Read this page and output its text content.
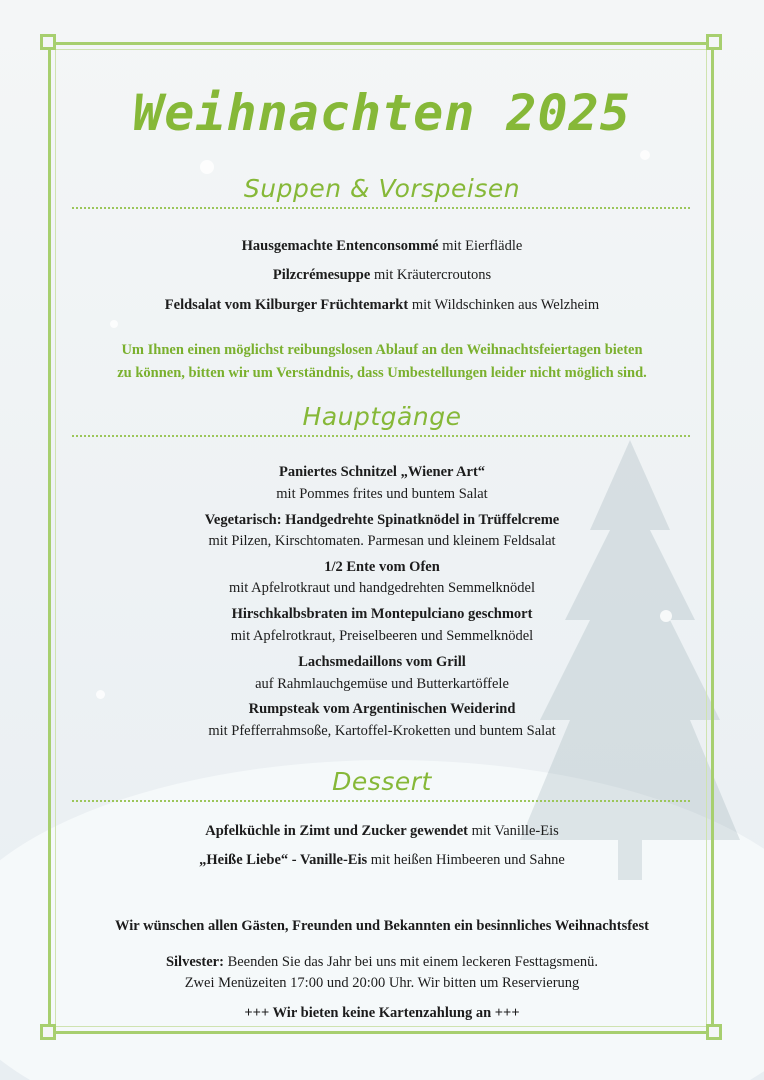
Weihnachten 2025
Suppen & Vorspeisen
Hausgemachte Entenconsommé mit Eierflädle
Pilzcrémesuppe mit Kräutercroutons
Feldsalat vom Kilburger Früchtemarkt mit Wildschinken aus Welzheim
Um Ihnen einen möglichst reibungslosen Ablauf an den Weihnachtsfeiertagen bieten
zu können, bitten wir um Verständnis, dass Umbestellungen leider nicht möglich sind.
Hauptgänge
Paniertes Schnitzel „Wiener Art“
mit Pommes frites und buntem Salat
Vegetarisch: Handgedrehte Spinatknödel in Trüffelcreme
mit Pilzen, Kirschtomaten. Parmesan und kleinem Feldsalat
1/2 Ente vom Ofen
mit Apfelrotkraut und handgedrehten Semmelknödel
Hirschkalbsbraten im Montepulciano geschmort
mit Apfelrotkraut, Preiselbeeren und Semmelknödel
Lachsmedaillons vom Grill
auf Rahmlauchgemüse und Butterkartöffele
Rumpsteak vom Argentinischen Weiderind
mit Pfefferrahmsoße, Kartoffel-Kroketten und buntem Salat
Dessert
Apfelküchle in Zimt und Zucker gewendet mit Vanille-Eis
„Heiße Liebe“ - Vanille-Eis mit heißen Himbeeren und Sahne
Wir wünschen allen Gästen, Freunden und Bekannten ein besinnliches Weihnachtsfest
Silvester: Beenden Sie das Jahr bei uns mit einem leckeren Festtagsmenü.
Zwei Menüzeiten 17:00 und 20:00 Uhr. Wir bitten um Reservierung
+++ Wir bieten keine Kartenzahlung an +++
